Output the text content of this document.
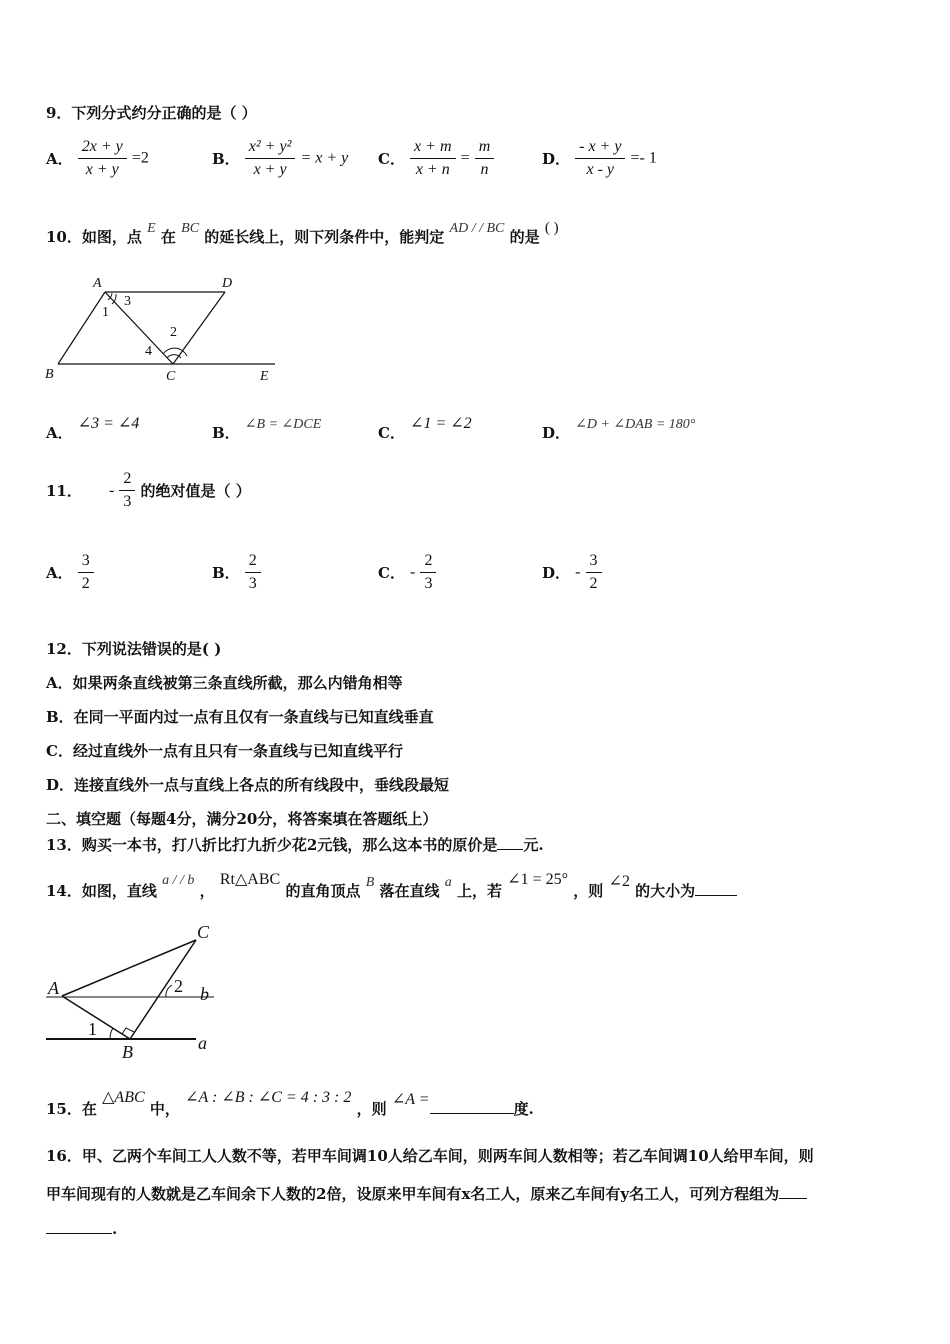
9．下列分式约分正确的是（ ）
A． $\frac{2x + y}{x + y} =2$	B． $\frac{\text{x² + y²}}{x + y} = x + y$ C． $\frac{x + m}{x + n} = \frac{m}{n}$	D． $\frac{- x + y}{x - y} =- 1$
10．如图，点 E 在 BC 的延长线上，则下列条件中，能判定 AD / / BC 的是 ( )
A	D
B	C	E
1
2
3
4
A． ∠3 = ∠4
B． ∠B = ∠DCE	C． ∠1 = ∠2
D． ∠D + ∠DAB = 180°
11． - $\frac{2}{3}$ 的绝对值是（ ）
A． $\frac{3}{2}$	B． $\frac{2}{3}$	C． - $\frac{2}{3}$	D． - $\frac{3}{2}$
12．下列说法错误的是( )
A．如果两条直线被第三条直线所截，那么内错角相等
B．在同一平面内过一点有且仅有一条直线与已知直线垂直
C．经过直线外一点有且只有一条直线与已知直线平行
D．连接直线外一点与直线上各点的所有线段中，垂线段最短
二、填空题（每题4分，满分20分，将答案填在答题纸上）
13．购买一本书，打八折比打九折少花2元钱，那么这本书的原价是 元.
14．如图，直线 a / / b ， Rt△ABC 的直角顶点 B 落在直线 a 上，若 ∠1 = 25° ，则 ∠2 的大小为
C
A
B	a
b
1
2
15．在 △ABC 中， ∠A : ∠B : ∠C = 4 : 3 : 2 ，则 ∠A =度.
16．甲、乙两个车间工人人数不等，若甲车间调10人给乙车间，则两车间人数相等；若乙车间调10人给甲车间，则
甲车间现有的人数就是乙车间余下人数的2倍，设原来甲车间有x名工人，原来乙车间有y名工人，可列方程组为
.
